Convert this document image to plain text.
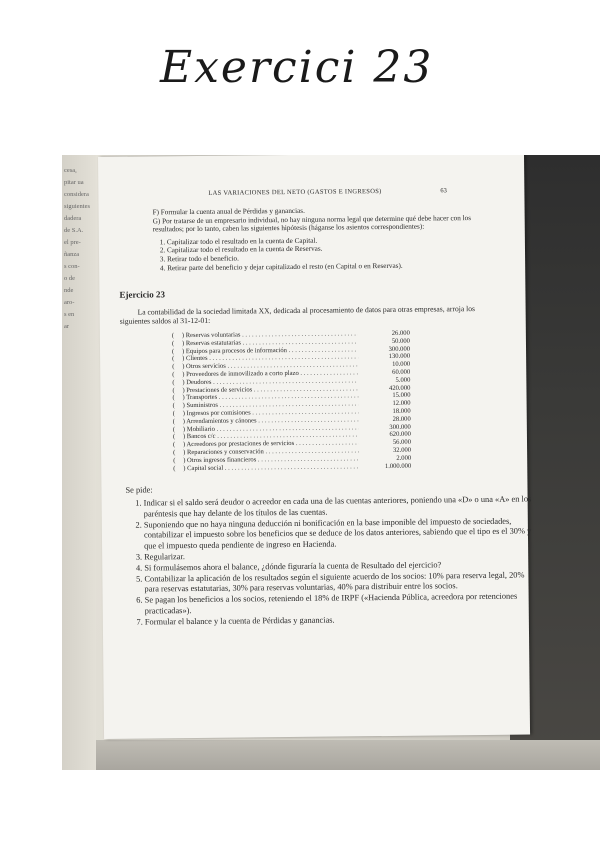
Exercici 23
cesa,
pitar ua
considera
siguientes
dadera
de S.A.
el pre-
ñanza
s con-
o de
nde
aro-
s en
ar
LAS VARIACIONES DEL NETO (GASTOS E INGRESOS)	63

F) Formular la cuenta anual de Pérdidas y ganancias.

G) Por tratarse de un empresario individual, no hay ninguna norma legal que determine qué debe hacer con los resultados; por lo tanto, caben las siguientes hipótesis (háganse los asientos correspondientes):

1. Capitalizar todo el resultado en la cuenta de Capital.
2. Capitalizar todo el resultado en la cuenta de Reservas.
3. Retirar todo el beneficio.
4. Retirar parte del beneficio y dejar capitalizado el resto (en Capital o en Reservas).
Ejercicio 23

La contabilidad de la sociedad limitada XX, dedicada al procesamiento de datos para otras empresas, arroja los siguientes saldos al 31-12-01:

(	) Reservas voluntarias . . .	26.000
(	) Reservas estatutarias . . .	50.000
(	) Equipos para procesos de información . . .	300.000
(	) Clientes . . .	130.000
(	) Otros servicios . . .	10.000
(	) Proveedores de inmovilizado a corto plazo . . .	60.000
(	) Deudores . . .	5.000
(	) Prestaciones de servicios . . .	420.000
(	) Transportes . . .	15.000
(	) Suministros . . .	12.000
(	) Ingresos por comisiones . . .	18.000
(	) Arrendamientos y cánones . . .	28.000
(	) Mobiliario . . .	300.000
(	) Bancos c/c . . .	620.000
(	) Acreedores por prestaciones de servicios . . .	56.000
(	) Reparaciones y conservación . . .	32.000
(	) Otros ingresos financieros . . .	2.000
(	) Capital social . . .	1.000.000
Se pide:
1. Indicar si el saldo será deudor o acreedor en cada una de las cuentas anteriores, poniendo una «D» o una «A» en los paréntesis que hay delante de los títulos de las cuentas.
2. Suponiendo que no haya ninguna deducción ni bonificación en la base imponible del impuesto de sociedades, contabilizar el impuesto sobre los beneficios que se deduce de los datos anteriores, sabiendo que el tipo es el 30% y que el impuesto queda pendiente de ingreso en Hacienda.
3. Regularizar.
4. Si formulásemos ahora el balance, ¿dónde figuraría la cuenta de Resultado del ejercicio?
5. Contabilizar la aplicación de los resultados según el siguiente acuerdo de los socios: 10% para reserva legal, 20% para reservas estatutarias, 30% para reservas voluntarias, 40% para distribuir entre los socios.
6. Se pagan los beneficios a los socios, reteniendo el 18% de IRPF («Hacienda Pública, acreedora por retenciones practicadas»).
7. Formular el balance y la cuenta de Pérdidas y ganancias.
